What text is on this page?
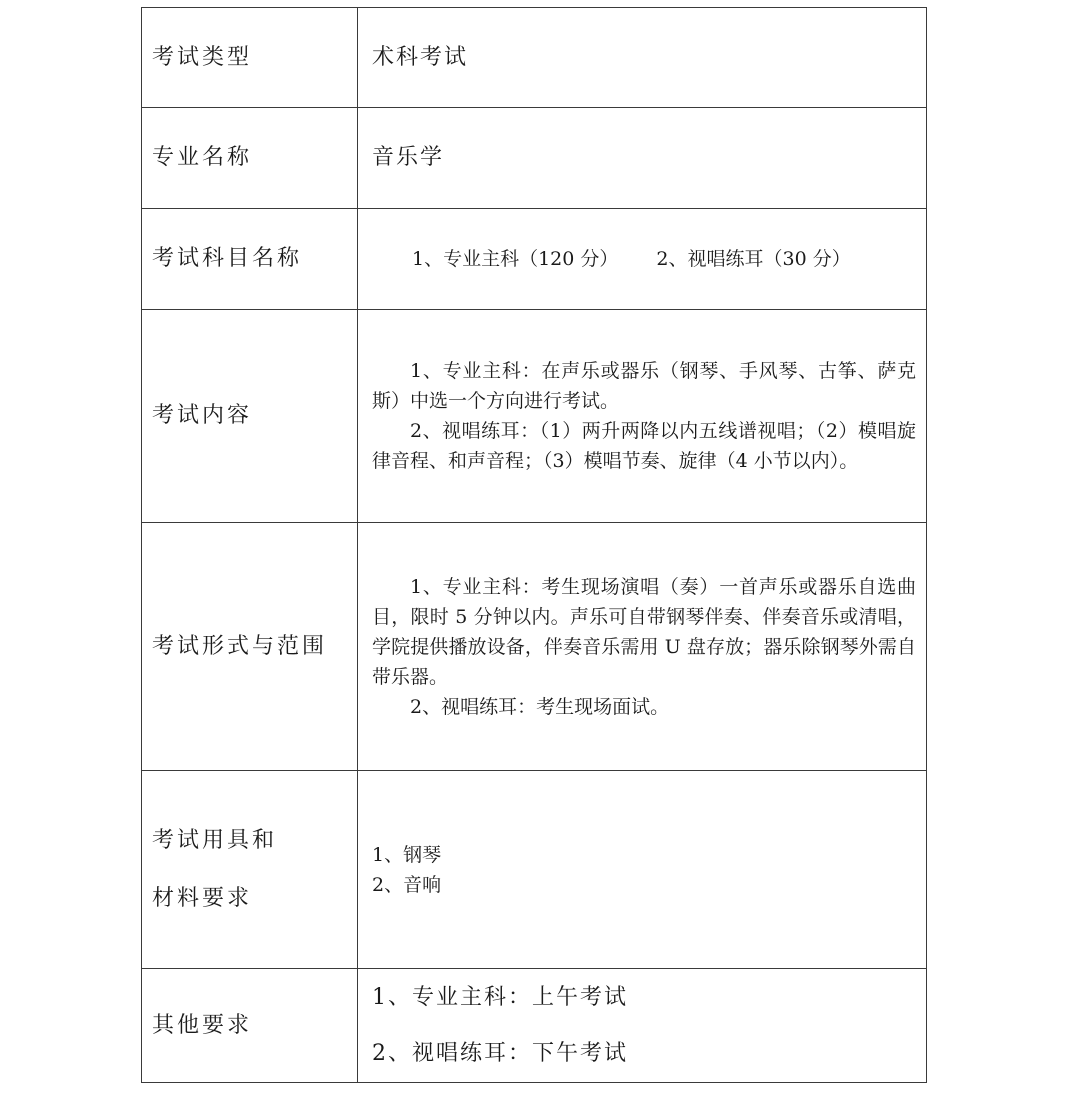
考试类型	术科考试
专业名称	音乐学
考试科目名称	1、专业主科（120 分） 2、视唱练耳（30 分）

考试内容	1、专业主科：在声乐或器乐（钢琴、手风琴、古筝、萨克斯）中选一个方向进行考试。
2、视唱练耳：（1）两升两降以内五线谱视唱；（2）模唱旋律音程、和声音程；（3）模唱节奏、旋律（4 小节以内）。

考试形式与范围	1、专业主科：考生现场演唱（奏）一首声乐或器乐自选曲目，限时 5 分钟以内。声乐可自带钢琴伴奏、伴奏音乐或清唱，学院提供播放设备，伴奏音乐需用 U 盘存放；器乐除钢琴外需自带乐器。
2、视唱练耳：考生现场面试。

考试用具和
材料要求	1、钢琴
2、音响

其他要求	1、专业主科：上午考试
2、视唱练耳：下午考试
